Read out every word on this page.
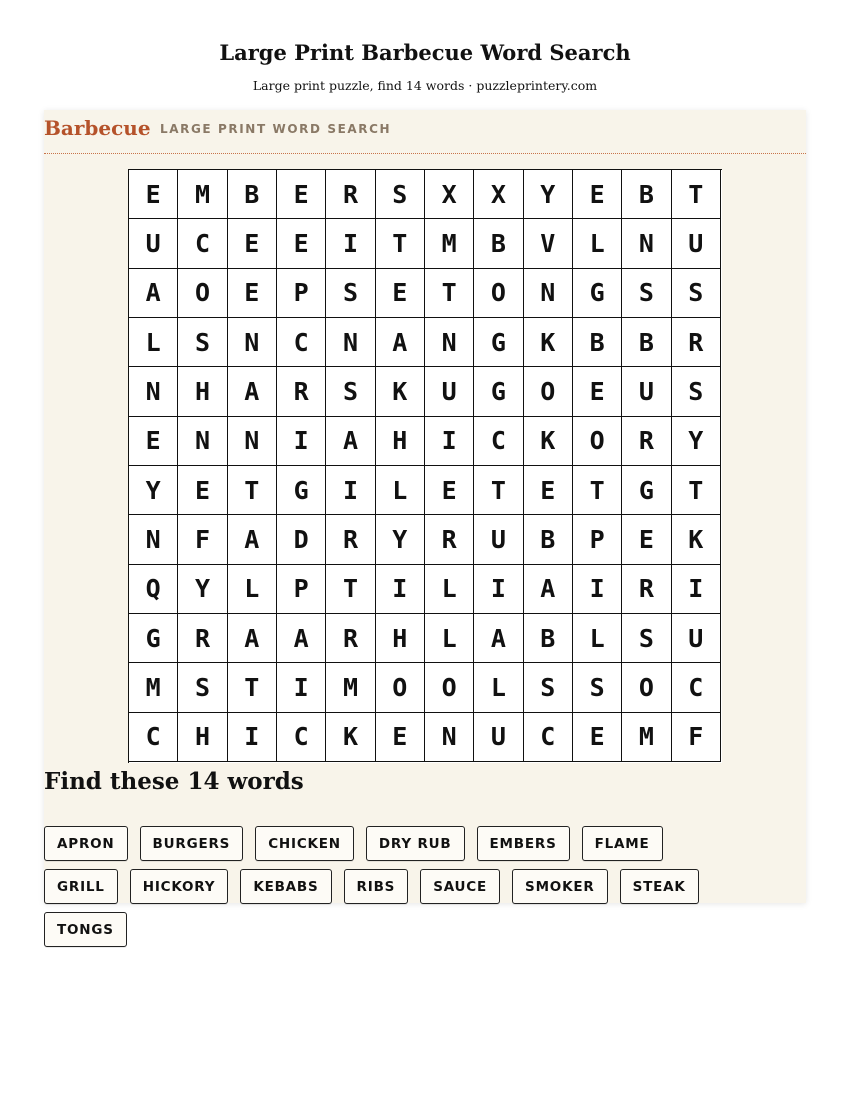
Large Print Barbecue Word Search

Large print puzzle, find 14 words · puzzleprintery.com

Barbecue LARGE PRINT WORD SEARCH
E	M	B	E	R	S	X	X	Y	E	B	T
U	C	E	E	I	T	M	B	V	L	N	U
A	O	E	P	S	E	T	O	N	G	S	S
L	S	N	C	N	A	N	G	K	B	B	R
N	H	A	R	S	K	U	G	O	E	U	S
E	N	N	I	A	H	I	C	K	O	R	Y
Y	E	T	G	I	L	E	T	E	T	G	T
N	F	A	D	R	Y	R	U	B	P	E	K
Q	Y	L	P	T	I	L	I	A	I	R	I
G	R	A	A	R	H	L	A	B	L	S	U
M	S	T	I	M	O	O	L	S	S	O	C
C	H	I	C	K	E	N	U	C	E	M	F
Find these 14 words
APRON	BURGERS	CHICKEN	DRY RUB	EMBERS	FLAME
GRILL	HICKORY	KEBABS	RIBS	SAUCE	SMOKER	STEAK
TONGS
